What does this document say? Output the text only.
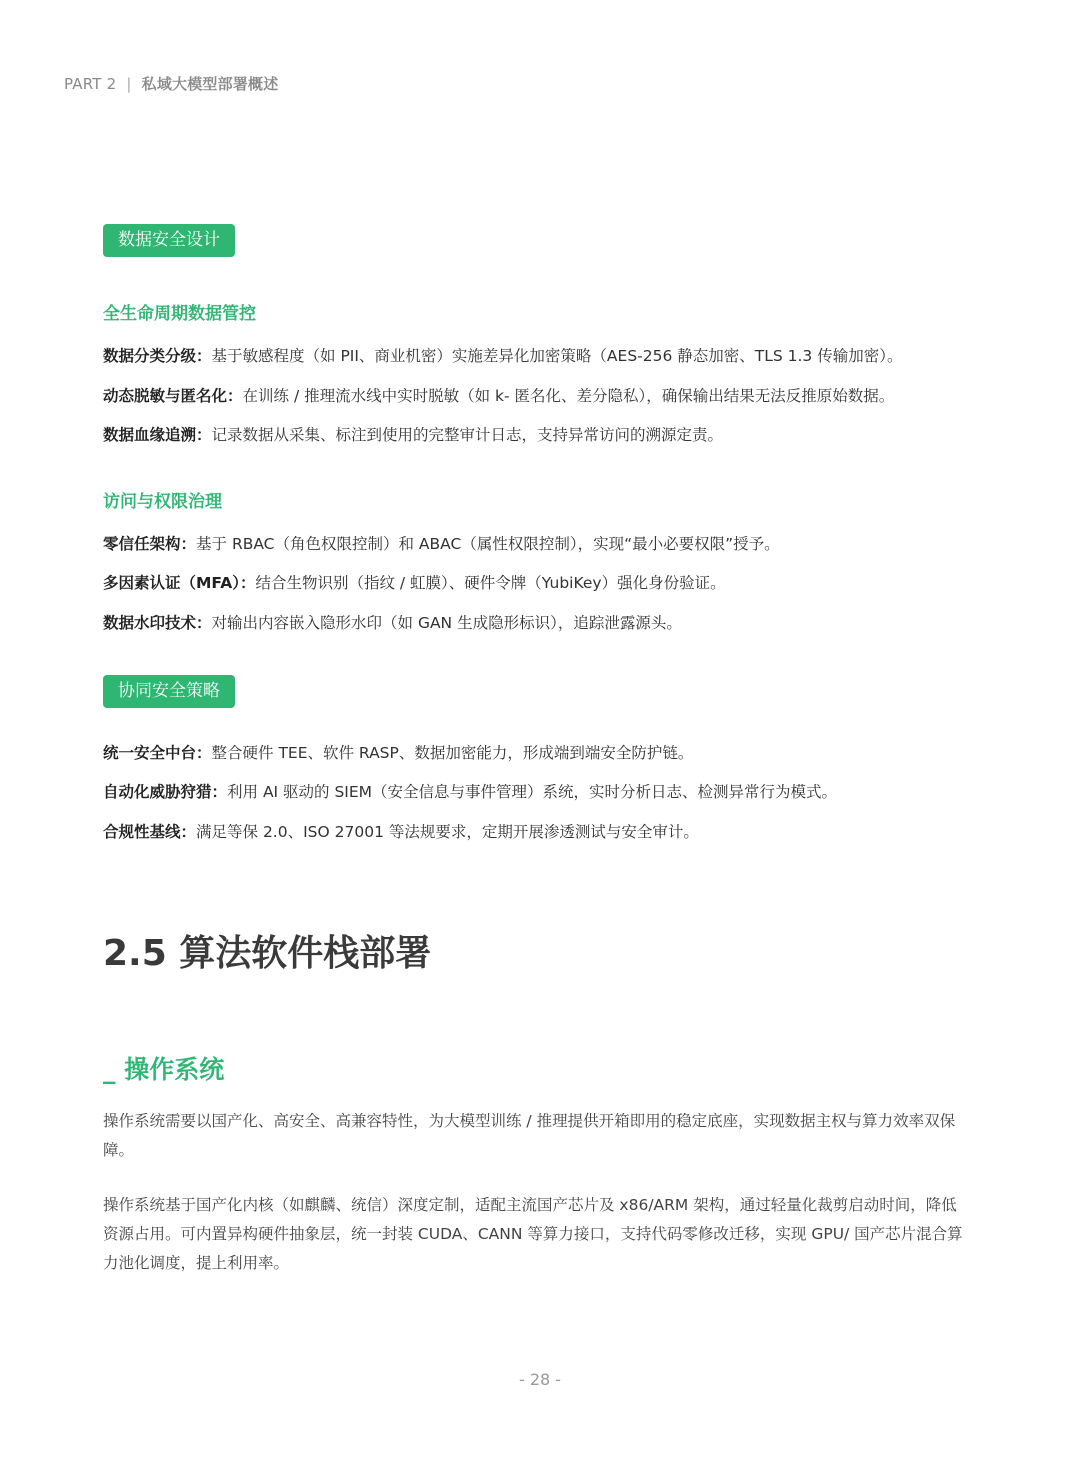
PART 2 | 私域大模型部署概述
数据安全设计
全生命周期数据管控
数据分类分级：基于敏感程度（如 PII、商业机密）实施差异化加密策略（AES-256 静态加密、TLS 1.3 传输加密）。
动态脱敏与匿名化：在训练 / 推理流水线中实时脱敏（如 k- 匿名化、差分隐私），确保输出结果无法反推原始数据。
数据血缘追溯：记录数据从采集、标注到使用的完整审计日志，支持异常访问的溯源定责。
访问与权限治理
零信任架构：基于 RBAC（角色权限控制）和 ABAC（属性权限控制），实现“最小必要权限”授予。
多因素认证（MFA）：结合生物识别（指纹 / 虹膜）、硬件令牌（YubiKey）强化身份验证。
数据水印技术：对输出内容嵌入隐形水印（如 GAN 生成隐形标识），追踪泄露源头。
协同安全策略
统一安全中台：整合硬件 TEE、软件 RASP、数据加密能力，形成端到端安全防护链。
自动化威胁狩猎：利用 AI 驱动的 SIEM（安全信息与事件管理）系统，实时分析日志、检测异常行为模式。
合规性基线：满足等保 2.0、ISO 27001 等法规要求，定期开展渗透测试与安全审计。
2.5 算法软件栈部署
_ 操作系统
操作系统需要以国产化、高安全、高兼容特性，为大模型训练 / 推理提供开箱即用的稳定底座，实现数据主权与算力效率双保障。
操作系统基于国产化内核（如麒麟、统信）深度定制，适配主流国产芯片及 x86/ARM 架构，通过轻量化裁剪启动时间，降低资源占用。可内置异构硬件抽象层，统一封装 CUDA、CANN 等算力接口，支持代码零修改迁移，实现 GPU/ 国产芯片混合算力池化调度，提上利用率。
- 28 -
